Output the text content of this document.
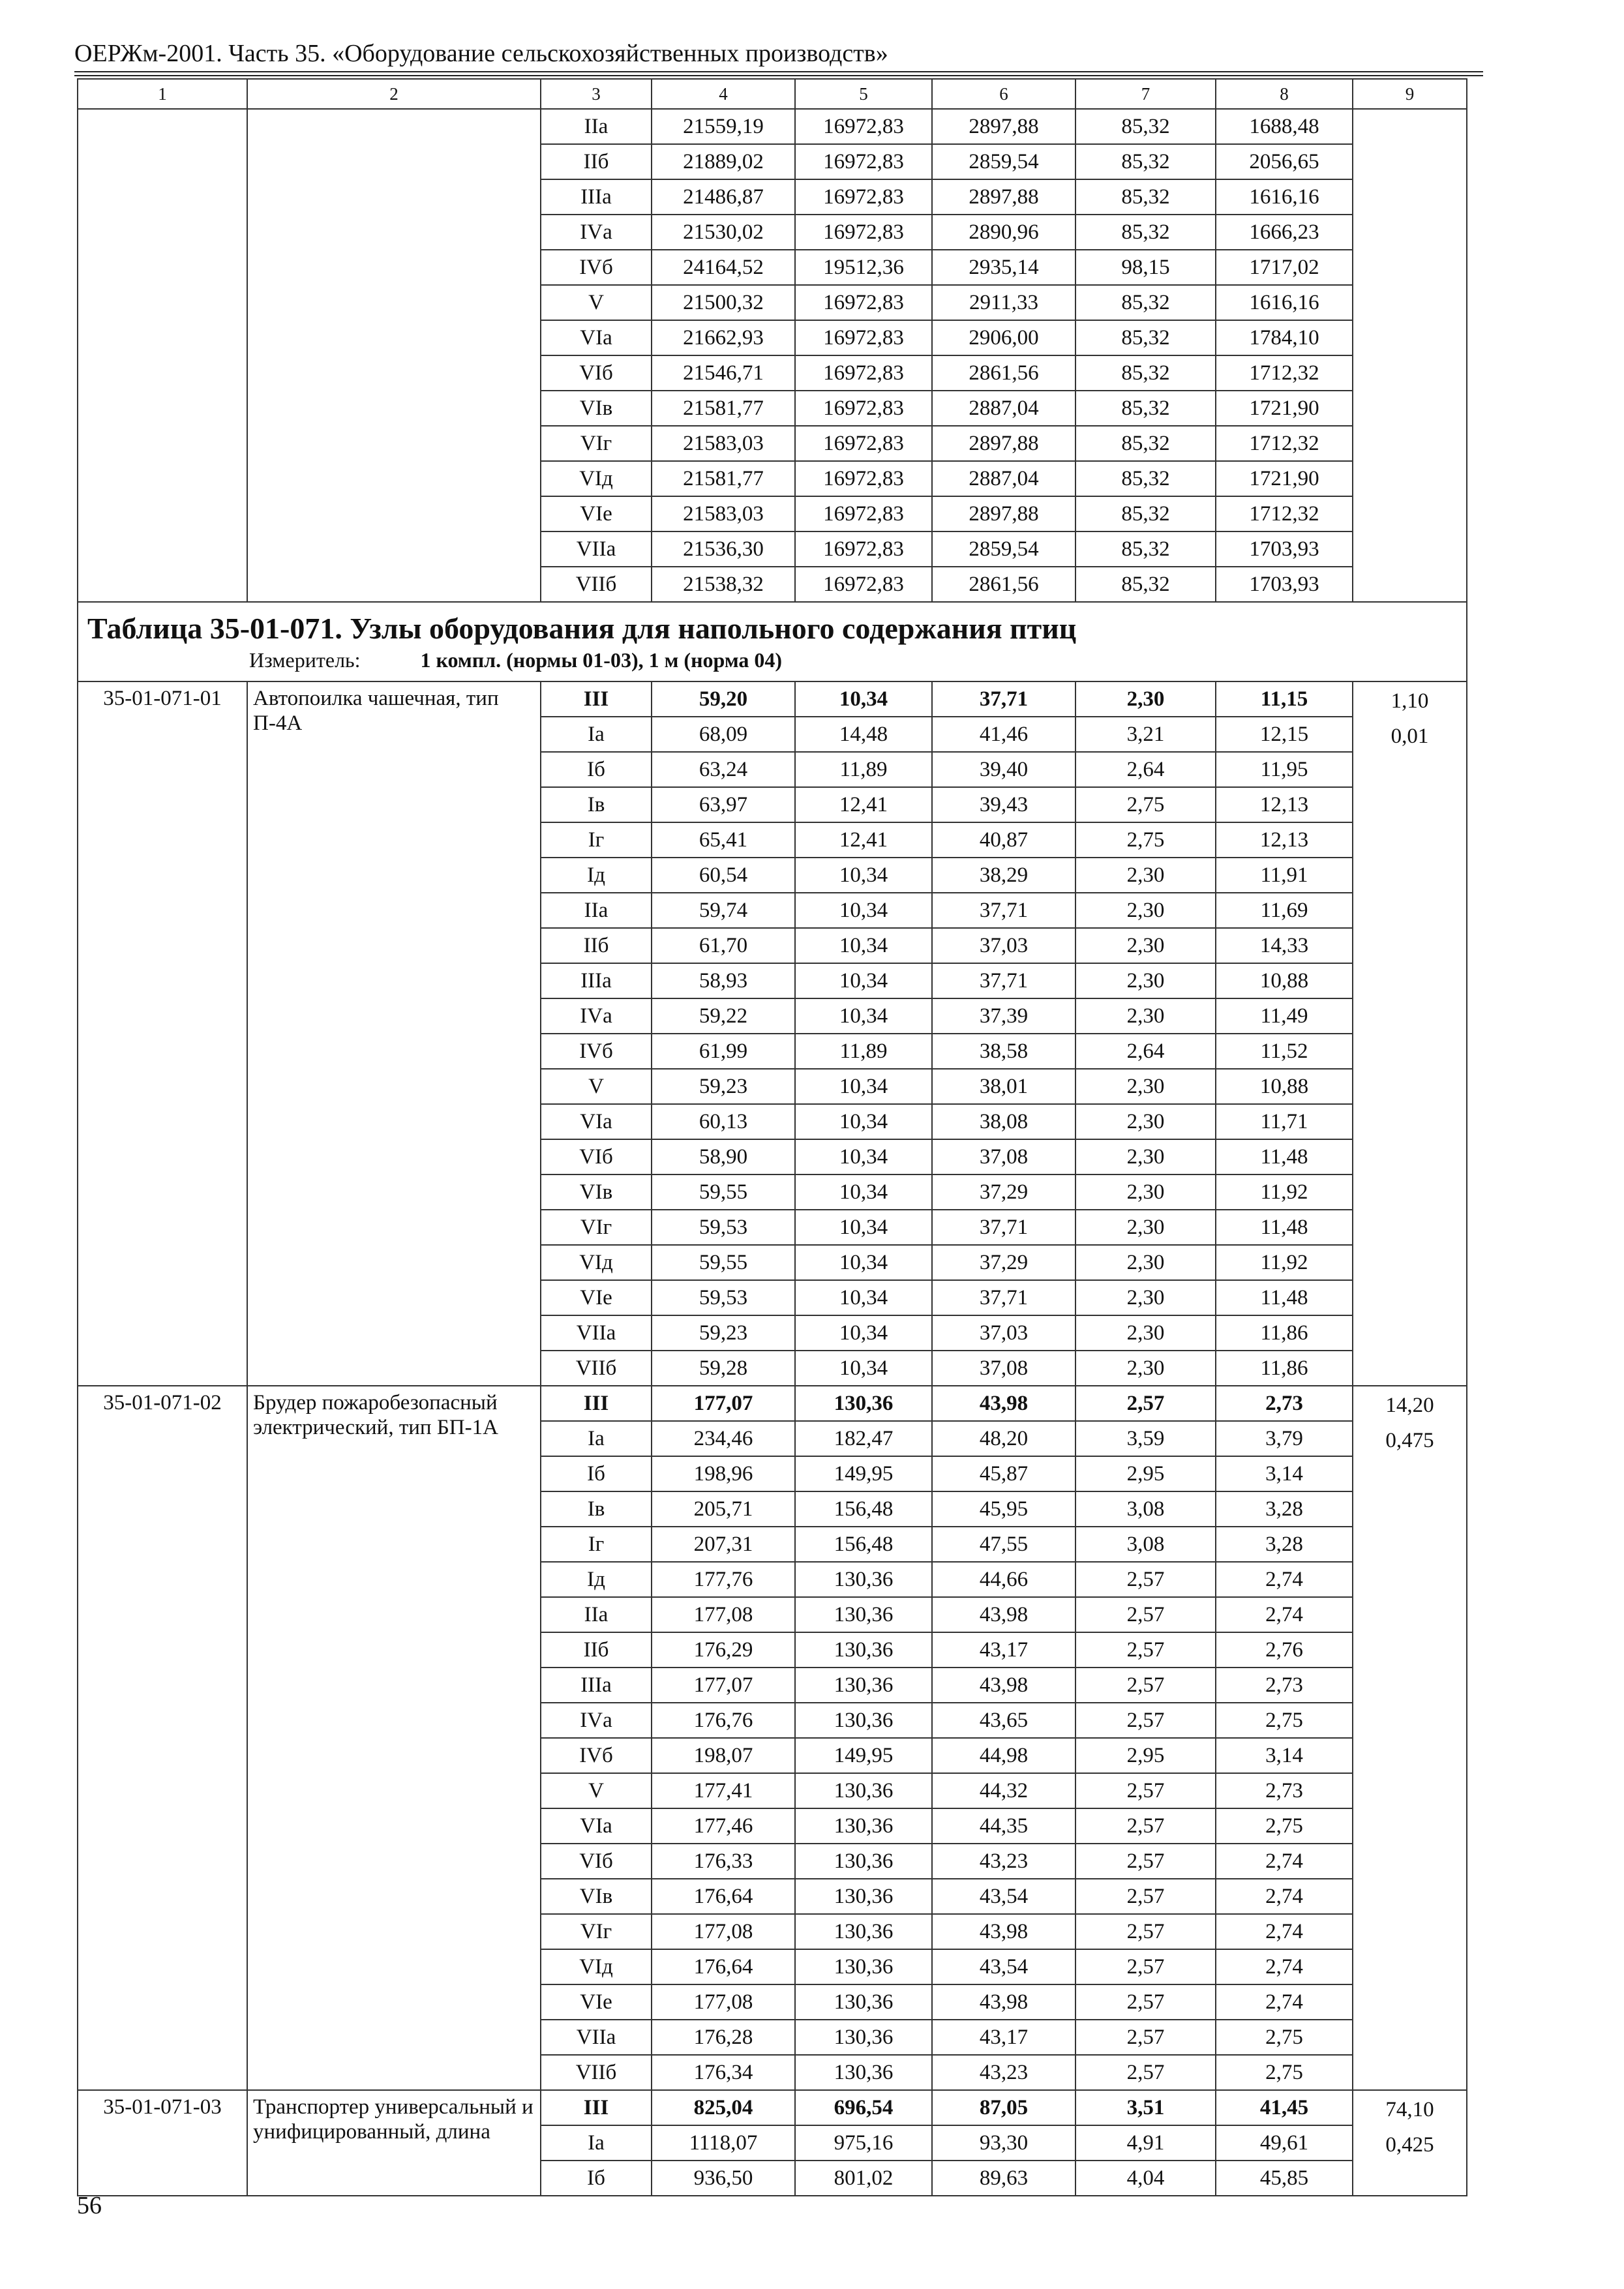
ОЕРЖм-2001. Часть 35. «Оборудование сельскохозяйственных производств»
1	2	3	4	5	6	7	8	9
		IIа	21559,19	16972,83	2897,88	85,32	1688,48	
		IIб	21889,02	16972,83	2859,54	85,32	2056,65	
		IIIа	21486,87	16972,83	2897,88	85,32	1616,16	
		IVа	21530,02	16972,83	2890,96	85,32	1666,23	
		IVб	24164,52	19512,36	2935,14	98,15	1717,02	
		V	21500,32	16972,83	2911,33	85,32	1616,16	
		VIа	21662,93	16972,83	2906,00	85,32	1784,10	
		VIб	21546,71	16972,83	2861,56	85,32	1712,32	
		VIв	21581,77	16972,83	2887,04	85,32	1721,90	
		VIг	21583,03	16972,83	2897,88	85,32	1712,32	
		VIд	21581,77	16972,83	2887,04	85,32	1721,90	
		VIе	21583,03	16972,83	2897,88	85,32	1712,32	
		VIIа	21536,30	16972,83	2859,54	85,32	1703,93	
		VIIб	21538,32	16972,83	2861,56	85,32	1703,93	

Таблица 35-01-071. Узлы оборудования для напольного содержания птиц
Измеритель: 1 компл. (нормы 01-03), 1 м (норма 04)								

35-01-071-01	Автопоилка чашечная, тип П-4А	III	59,20	10,34	37,71	2,30	11,15	1,10
0,01

		Iа	68,09	14,48	41,46	3,21	12,15	
		Iб	63,24	11,89	39,40	2,64	11,95	
		Iв	63,97	12,41	39,43	2,75	12,13	
		Iг	65,41	12,41	40,87	2,75	12,13	
		Iд	60,54	10,34	38,29	2,30	11,91	
		IIа	59,74	10,34	37,71	2,30	11,69	
		IIб	61,70	10,34	37,03	2,30	14,33	
		IIIа	58,93	10,34	37,71	2,30	10,88	
		IVа	59,22	10,34	37,39	2,30	11,49	
		IVб	61,99	11,89	38,58	2,64	11,52	
		V	59,23	10,34	38,01	2,30	10,88	
		VIа	60,13	10,34	38,08	2,30	11,71	
		VIб	58,90	10,34	37,08	2,30	11,48	
		VIв	59,55	10,34	37,29	2,30	11,92	
		VIг	59,53	10,34	37,71	2,30	11,48	
		VIд	59,55	10,34	37,29	2,30	11,92	
		VIе	59,53	10,34	37,71	2,30	11,48	
		VIIа	59,23	10,34	37,03	2,30	11,86	
		VIIб	59,28	10,34	37,08	2,30	11,86	
35-01-071-02	Брудер пожаробезопасный электрический, тип БП-1А	III	177,07	130,36	43,98	2,57	2,73	14,20
0,475

		Iа	234,46	182,47	48,20	3,59	3,79	
		Iб	198,96	149,95	45,87	2,95	3,14	
		Iв	205,71	156,48	45,95	3,08	3,28	
		Iг	207,31	156,48	47,55	3,08	3,28	
		Iд	177,76	130,36	44,66	2,57	2,74	
		IIа	177,08	130,36	43,98	2,57	2,74	
		IIб	176,29	130,36	43,17	2,57	2,76	
		IIIа	177,07	130,36	43,98	2,57	2,73	
		IVа	176,76	130,36	43,65	2,57	2,75	
		IVб	198,07	149,95	44,98	2,95	3,14	
		V	177,41	130,36	44,32	2,57	2,73	
		VIа	177,46	130,36	44,35	2,57	2,75	
		VIб	176,33	130,36	43,23	2,57	2,74	
		VIв	176,64	130,36	43,54	2,57	2,74	
		VIг	177,08	130,36	43,98	2,57	2,74	
		VIд	176,64	130,36	43,54	2,57	2,74	
		VIе	177,08	130,36	43,98	2,57	2,74	
		VIIа	176,28	130,36	43,17	2,57	2,75	
		VIIб	176,34	130,36	43,23	2,57	2,75	
35-01-071-03	Транспортер универсальный и унифицированный, длина	III	825,04	696,54	87,05	3,51	41,45	74,10
0,425

		Iа	1118,07	975,16	93,30	4,91	49,61	
		Iб	936,50	801,02	89,63	4,04	45,85	
56
